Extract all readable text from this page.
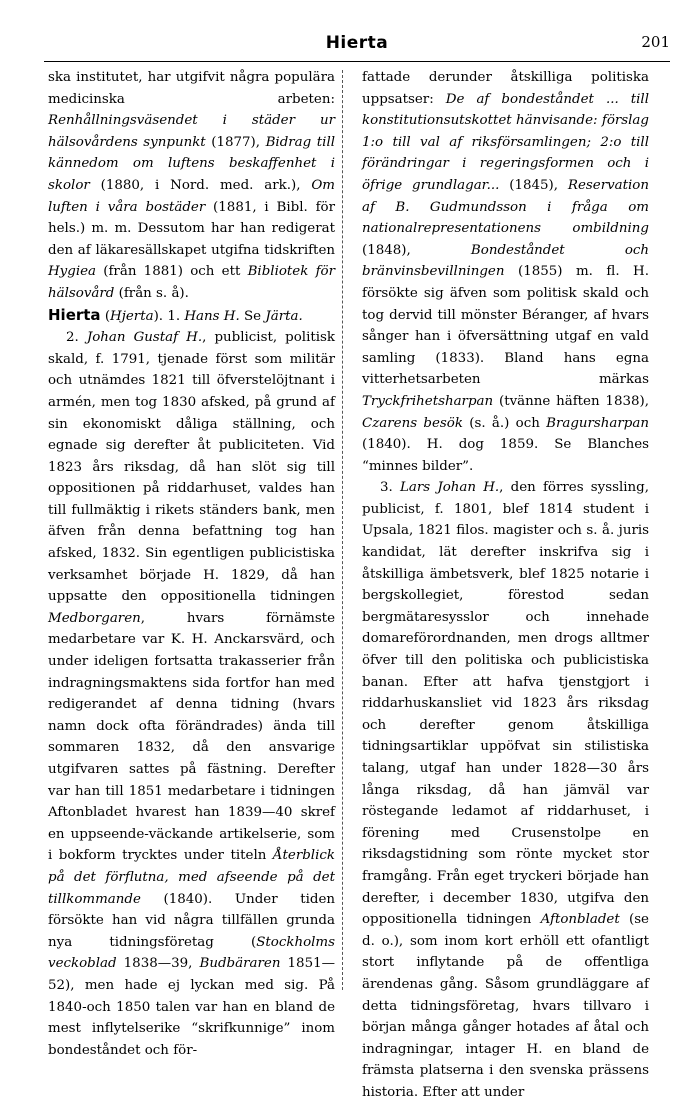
Hierta	201

ska institutet, har utgifvit några populära medicinska arbeten: Renhållningsväsendet i städer ur hälsovårdens synpunkt (1877), Bidrag till kännedom om luftens beskaffenhet i skolor (1880, i Nord. med. ark.), Om luften i våra bostäder (1881, i Bibl. för hels.) m. m. Dessutom har han redigerat den af läkaresällskapet utgifna tidskriften Hygiea (från 1881) och ett Bibliotek för hälsovård (från s. å).

Hierta (Hjerta). 1. Hans H. Se Järta.

2. Johan Gustaf H., publicist, politisk skald, f. 1791, tjenade först som militär och utnämdes 1821 till öfverstelöjtnant i armén, men tog 1830 afsked, på grund af sin ekonomiskt dåliga ställning, och egnade sig derefter åt publiciteten. Vid 1823 års riksdag, då han slöt sig till oppositionen på riddarhuset, valdes han till fullmäktig i rikets ständers bank, men äfven från denna befattning tog han afsked, 1832. Sin egentligen publicistiska verksamhet började H. 1829, då han uppsatte den oppositionella tidningen Medborgaren, hvars förnämste medarbetare var K. H. Anckarsvärd, och under ideligen fortsatta trakasserier från indragningsmaktens sida fortfor han med redigerandet af denna tidning (hvars namn dock ofta förändrades) ända till sommaren 1832, då den ansvarige utgifvaren sattes på fästning. Derefter var han till 1851 medarbetare i tidningen Aftonbladet hvarest han 1839—40 skref en uppseende-väckande artikelserie, som i bokform trycktes under titeln Återblick på det förflutna, med afseende på det tillkommande (1840). Under tiden försökte han vid några tillfällen grunda nya tidningsföretag (Stockholms veckoblad 1838—39, Budbäraren 1851—52), men hade ej lyckan med sig. På 1840-och 1850 talen var han en bland de mest inflytelserike “skrifkunnige” inom bondeståndet och för-

fattade derunder åtskilliga politiska uppsatser: De af bondeståndet ... till konstitutionsutskottet hänvisande: förslag 1:o till val af riksförsamlingen; 2:o till förändringar i regeringsformen och i öfrige grundlagar... (1845), Reservation af B. Gudmundsson i fråga om nationalrepresentationens ombildning (1848), Bondeståndet och bränvinsbevillningen (1855) m. fl. H. försökte sig äfven som politisk skald och tog dervid till mönster Béranger, af hvars sånger han i öfversättning utgaf en vald samling (1833). Bland hans egna vitterhetsarbeten märkas Tryckfrihetsharpan (tvänne häften 1838), Czarens besök (s. å.) och Bragursharpan (1840). H. dog 1859. Se Blanches “minnes bilder”.

3. Lars Johan H., den förres syssling, publicist, f. 1801, blef 1814 student i Upsala, 1821 filos. magister och s. å. juris kandidat, lät derefter inskrifva sig i åtskilliga ämbetsverk, blef 1825 notarie i bergskollegiet, förestod sedan bergmätaresysslor och innehade domareförordnanden, men drogs alltmer öfver till den politiska och publicistiska banan. Efter att hafva tjenstgjort i riddarhuskansliet vid 1823 års riksdag och derefter genom åtskilliga tidningsartiklar uppöfvat sin stilistiska talang, utgaf han under 1828—30 års långa riksdag, då han jämväl var röstegande ledamot af riddarhuset, i förening med Crusenstolpe en riksdagstidning som rönte mycket stor framgång. Från eget tryckeri började han derefter, i december 1830, utgifva den oppositionella tidningen Aftonbladet (se d. o.), som inom kort erhöll ett ofantligt stort inflytande på de offentliga ärendenas gång. Såsom grundläggare af detta tidningsföretag, hvars tillvaro i början många gånger hotades af åtal och indragningar, intager H. en bland de främsta platserna i den svenska prässens historia. Efter att under
